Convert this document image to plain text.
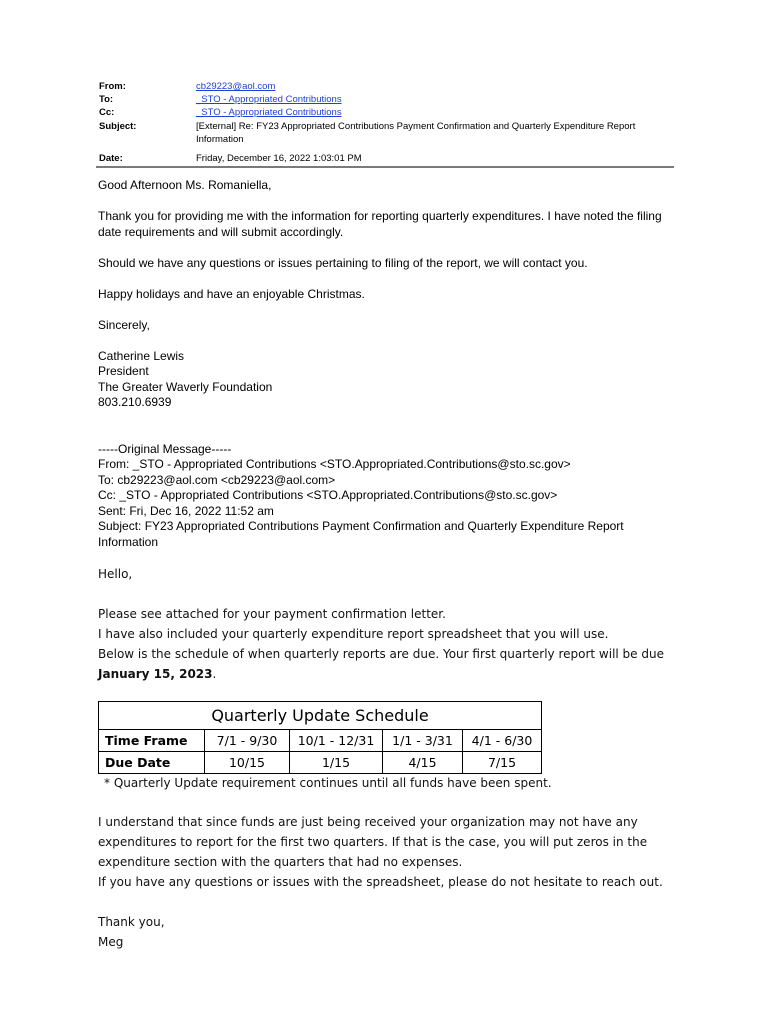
From:	cb29223@aol.com
To:	_STO - Appropriated Contributions
Cc:	_STO - Appropriated Contributions
Subject:	[External] Re: FY23 Appropriated Contributions Payment Confirmation and Quarterly Expenditure Report Information
Date:	Friday, December 16, 2022 1:03:01 PM

Good Afternoon Ms. Romaniella,

Thank you for providing me with the information for reporting quarterly expenditures. I have noted the filing date requirements and will submit accordingly.

Should we have any questions or issues pertaining to filing of the report, we will contact you.

Happy holidays and have an enjoyable Christmas.

Sincerely,

Catherine Lewis

President

The Greater Waverly Foundation

803.210.6939

-----Original Message-----

From: _STO - Appropriated Contributions <STO.Appropriated.Contributions@sto.sc.gov>

To: cb29223@aol.com <cb29223@aol.com>

Cc: _STO - Appropriated Contributions <STO.Appropriated.Contributions@sto.sc.gov>

Sent: Fri, Dec 16, 2022 11:52 am

Subject: FY23 Appropriated Contributions Payment Confirmation and Quarterly Expenditure Report Information

Hello,

Please see attached for your payment confirmation letter.

I have also included your quarterly expenditure report spreadsheet that you will use.

Below is the schedule of when quarterly reports are due. Your first quarterly report will be due January 15, 2023.

Quarterly Update Schedule				
Time Frame	7/1 - 9/30	10/1 - 12/31	1/1 - 3/31	4/1 - 6/30
Due Date	10/15	1/15	4/15	7/15
* Quarterly Update requirement continues until all funds have been spent.

I understand that since funds are just being received your organization may not have any expenditures to report for the first two quarters. If that is the case, you will put zeros in the expenditure section with the quarters that had no expenses.

If you have any questions or issues with the spreadsheet, please do not hesitate to reach out.

Thank you,

Meg
